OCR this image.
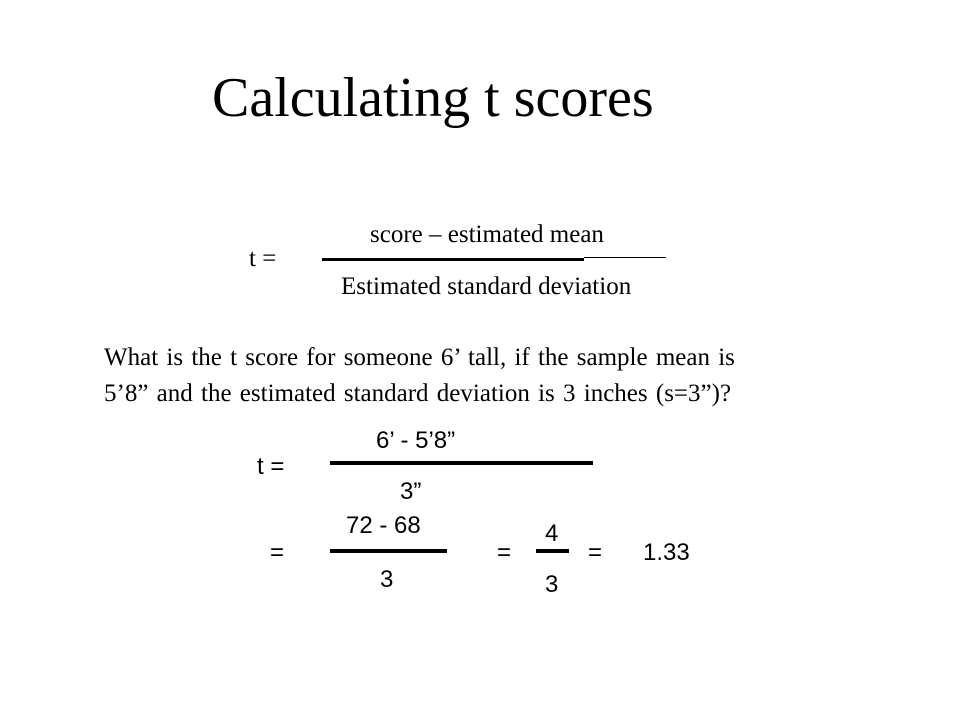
Calculating t scores
t =
score – estimated mean
Estimated standard deviation
What is the t score for someone 6’ tall, if the sample mean is
5’8” and the estimated standard deviation is 3 inches (s=3”)?
t =
6’ - 5’8”
3”
=
72 - 68
3
=
4
3
= 1.33
